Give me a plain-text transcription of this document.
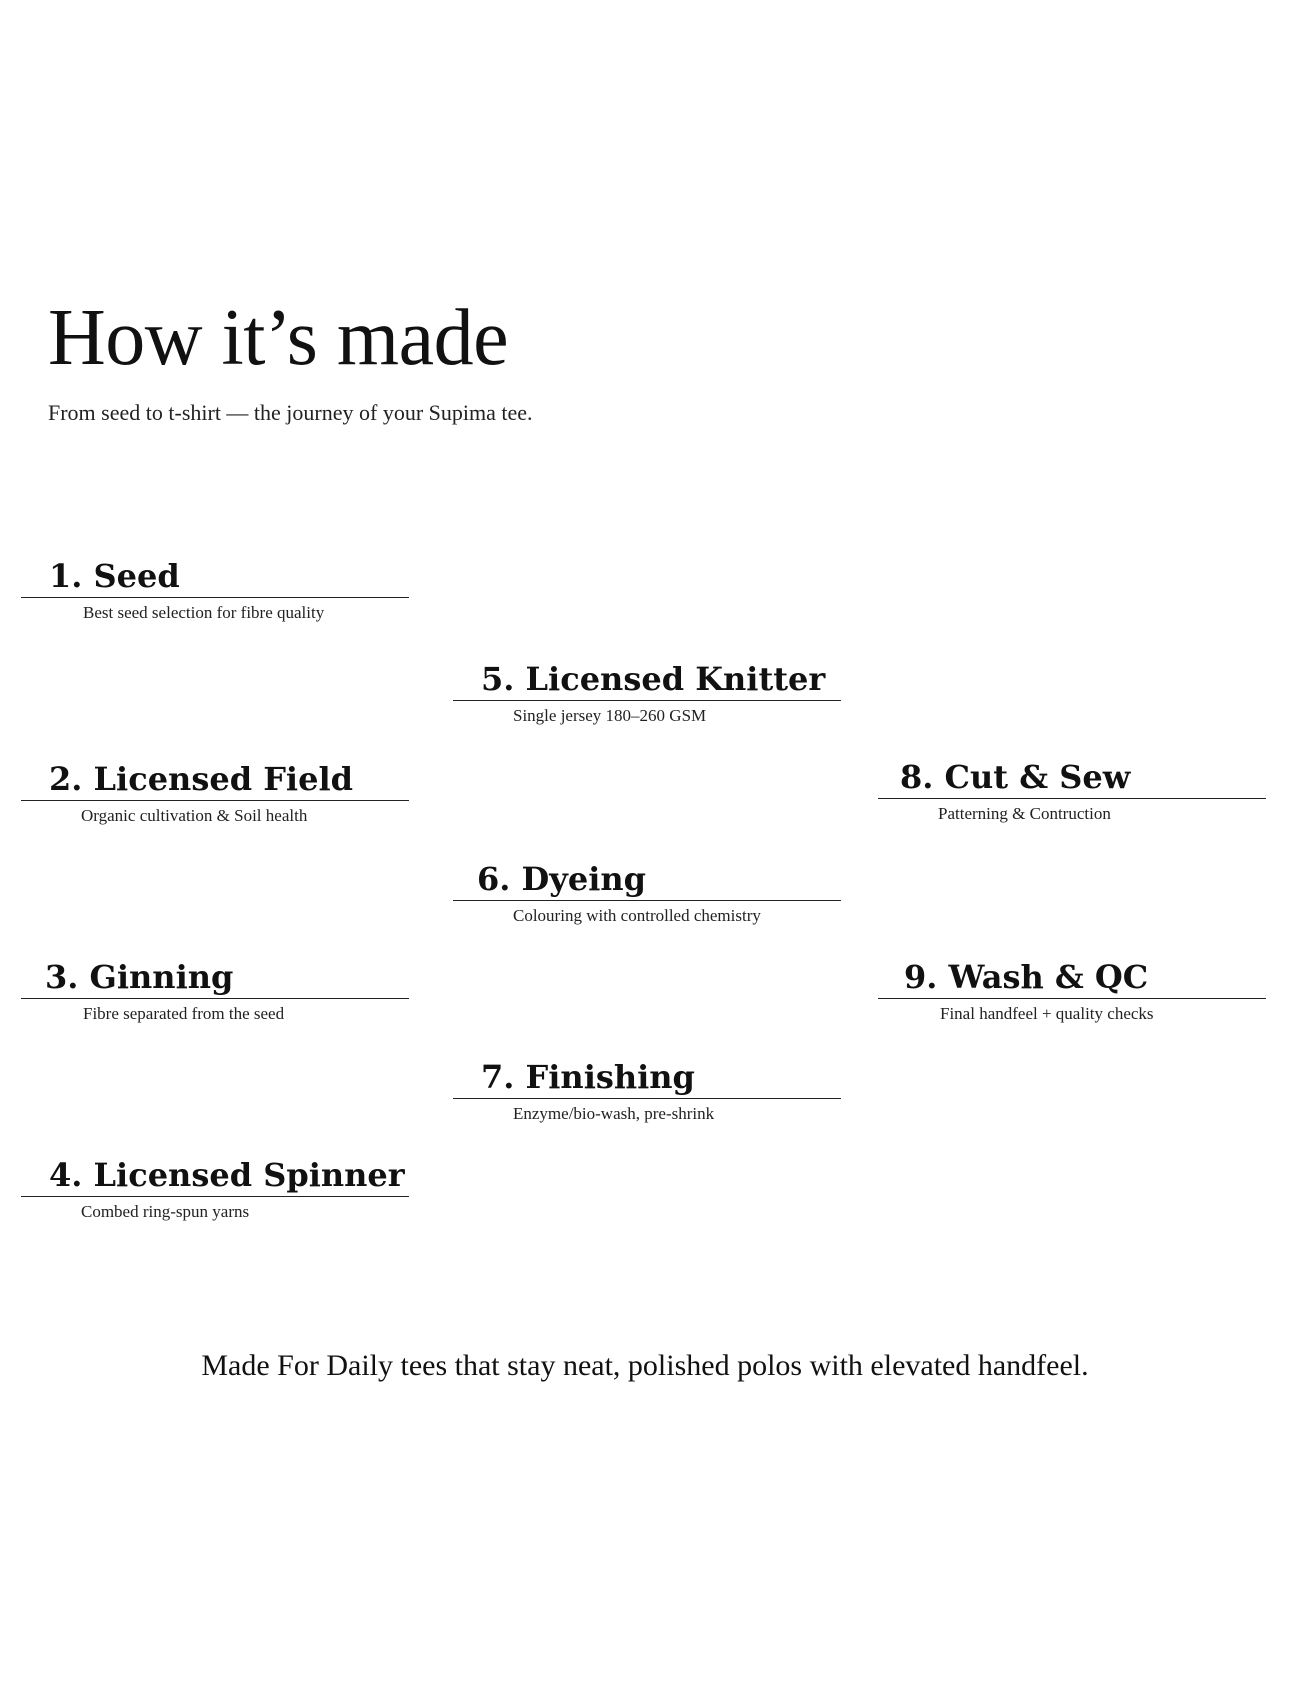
How it’s made

From seed to t-shirt — the journey of your Supima tee.

1. Seed
Best seed selection for fibre quality
2. Licensed Field
Organic cultivation & Soil health
3. Ginning
Fibre separated from the seed
4. Licensed Spinner
Combed ring-spun yarns
5. Licensed Knitter
Single jersey 180–260 GSM
6. Dyeing
Colouring with controlled chemistry
7. Finishing
Enzyme/bio-wash, pre-shrink
8. Cut & Sew
Patterning & Contruction
9. Wash & QC
Final handfeel + quality checks

Made For Daily tees that stay neat, polished polos with elevated handfeel.
